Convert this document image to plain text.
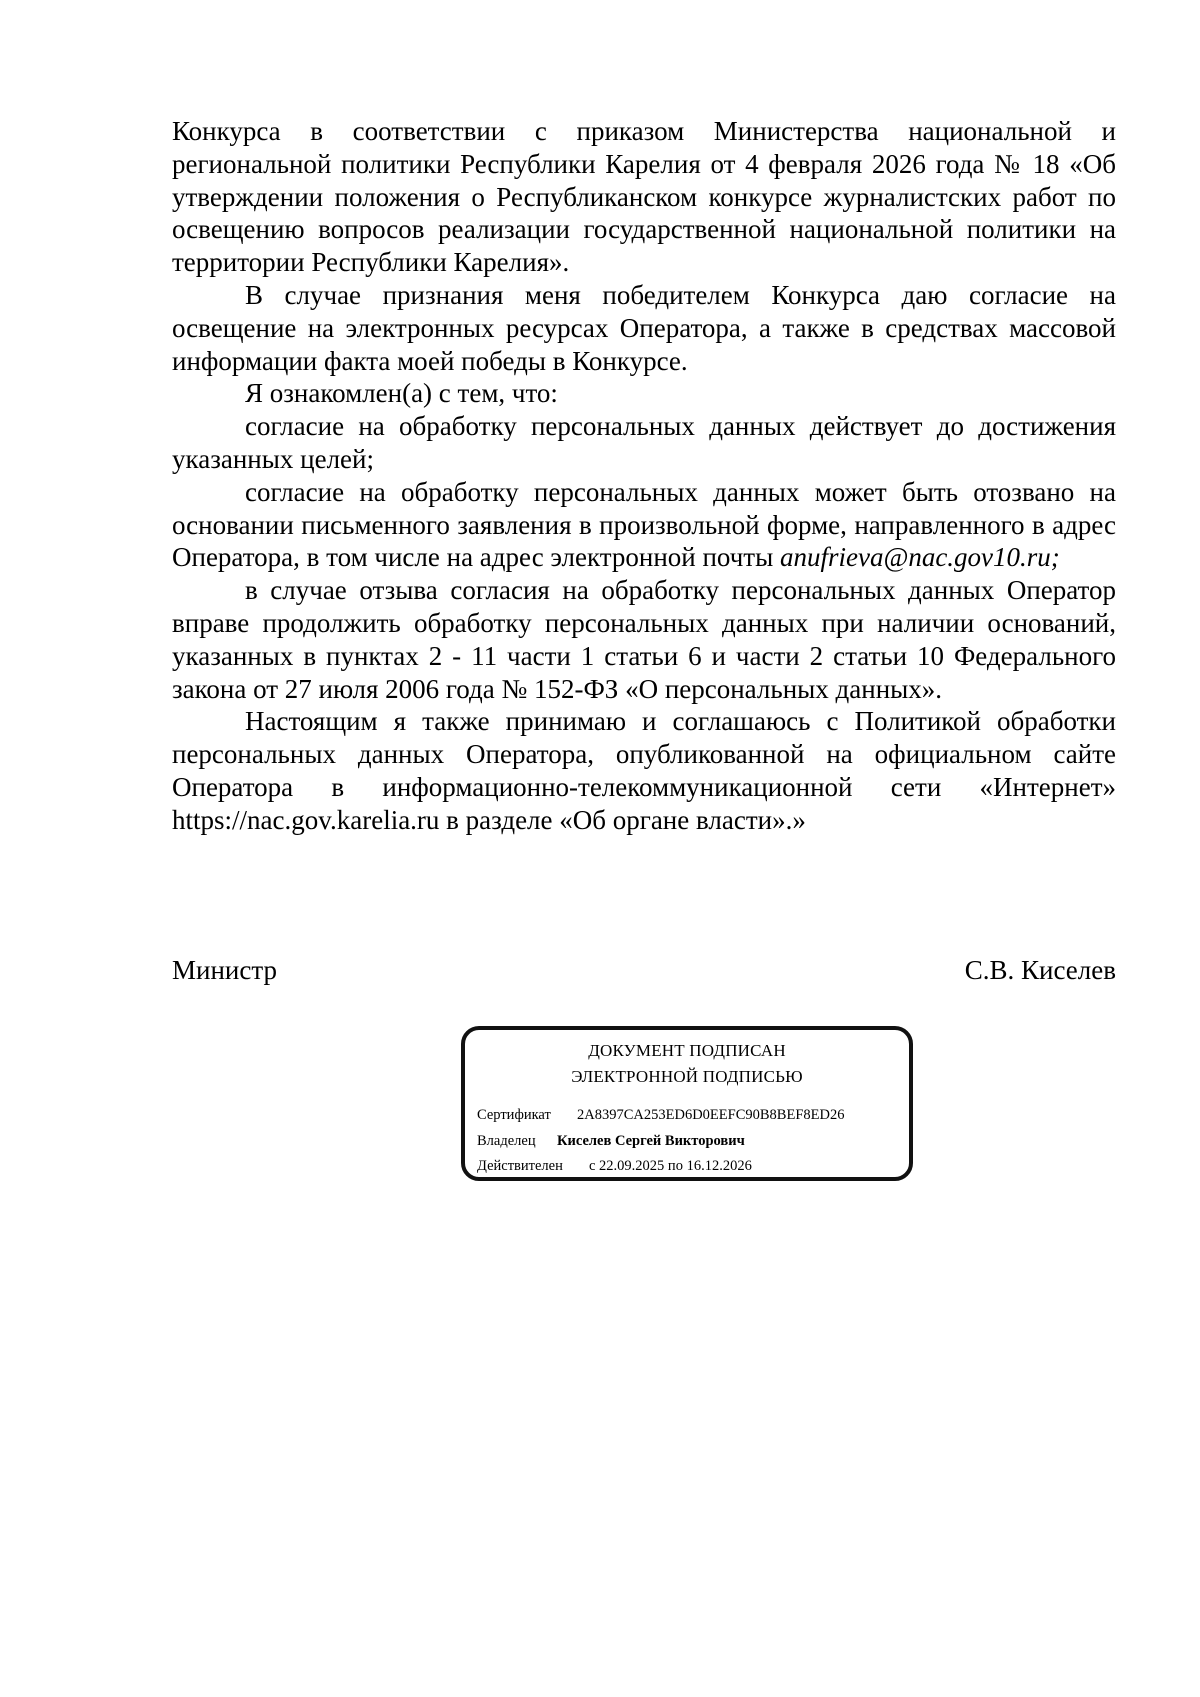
Конкурса в соответствии с приказом Министерства национальной и региональной политики Республики Карелия от 4 февраля 2026 года № 18 «Об утверждении положения о Республиканском конкурсе журналистских работ по освещению вопросов реализации государственной национальной политики на территории Республики Карелия».

В случае признания меня победителем Конкурса даю согласие на освещение на электронных ресурсах Оператора, а также в средствах массовой информации факта моей победы в Конкурсе.

Я ознакомлен(а) с тем, что:

согласие на обработку персональных данных действует до достижения указанных целей;

согласие на обработку персональных данных может быть отозвано на основании письменного заявления в произвольной форме, направленного в адрес Оператора, в том числе на адрес электронной почты anufrieva@nac.gov10.ru;

в случае отзыва согласия на обработку персональных данных Оператор вправе продолжить обработку персональных данных при наличии оснований, указанных в пунктах 2 - 11 части 1 статьи 6 и части 2 статьи 10 Федерального закона от 27 июля 2006 года № 152-ФЗ «О персональных данных».

Настоящим я также принимаю и соглашаюсь с Политикой обработки персональных данных Оператора, опубликованной на официальном сайте Оператора в информационно-телекоммуникационной сети «Интернет» https://nac.gov.karelia.ru в разделе «Об органе власти».»

Министр	С.В. Киселев
ДОКУМЕНТ ПОДПИСАН
ЭЛЕКТРОННОЙ ПОДПИСЬЮ
Сертификат 2A8397CA253ED6D0EEFC90B8BEF8ED26
Владелец Киселев Сергей Викторович
Действителен с 22.09.2025 по 16.12.2026
